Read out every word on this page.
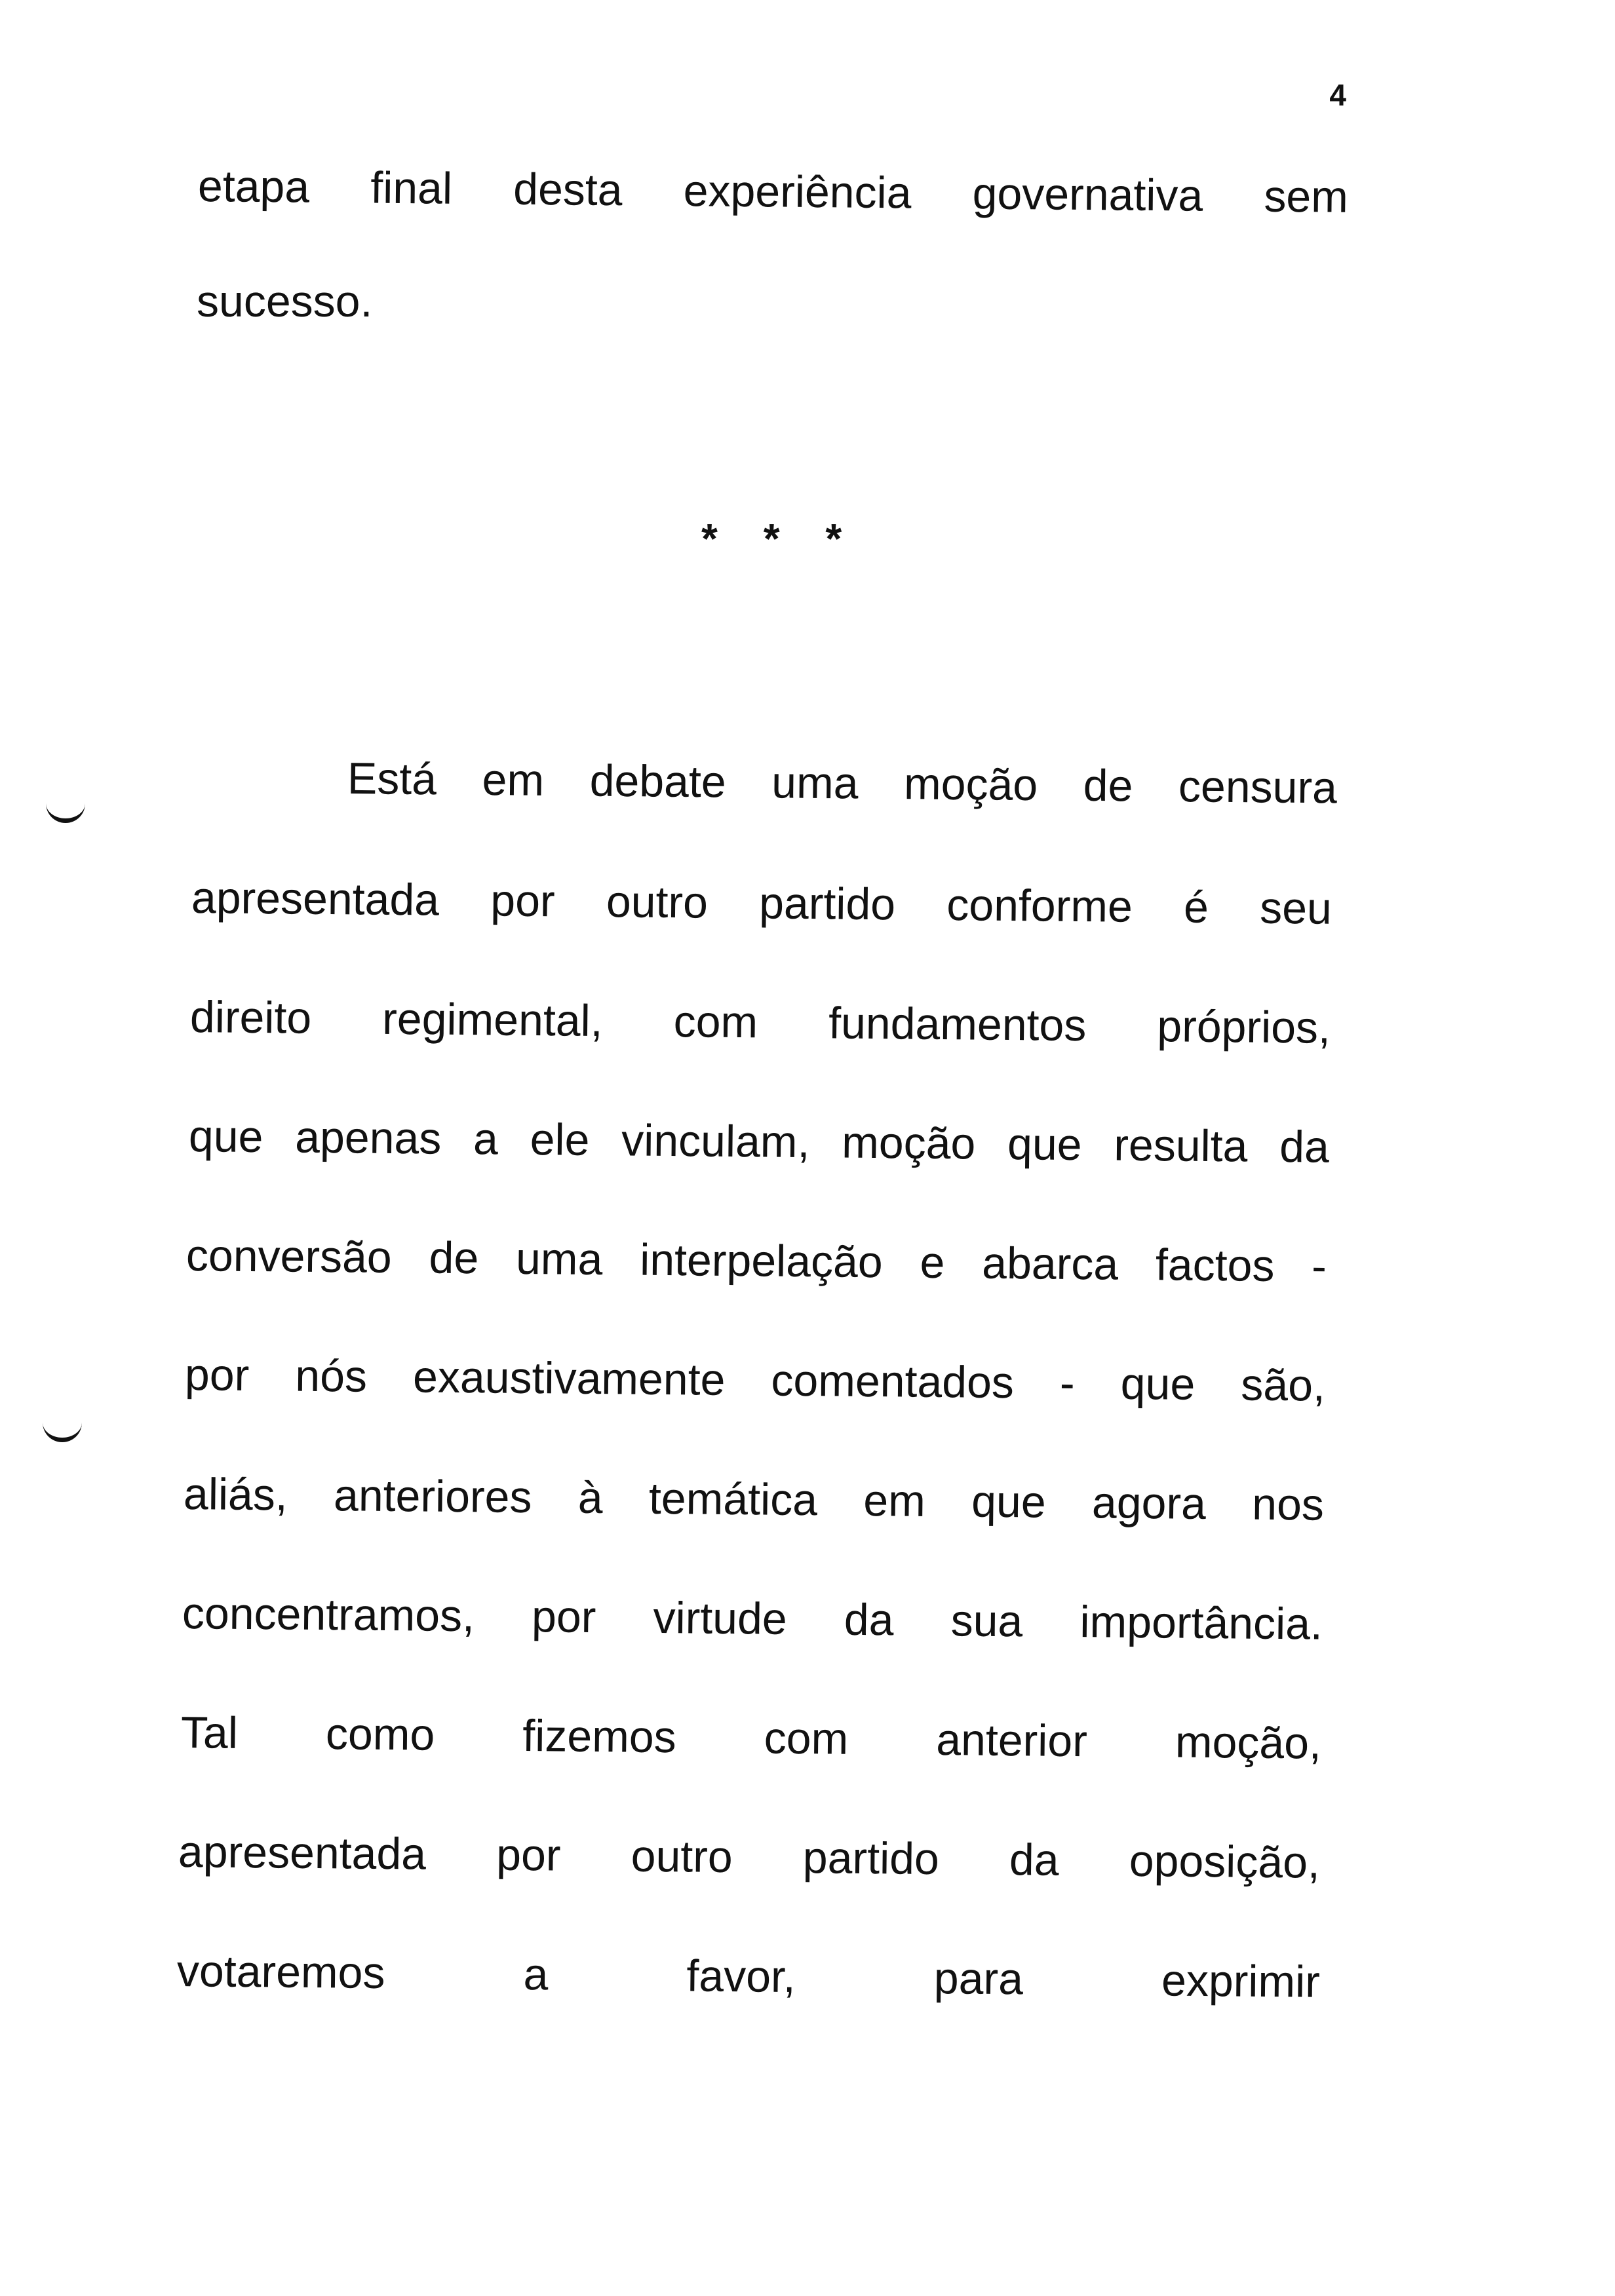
4
etapa final desta experiência governativa sem
sucesso.
* * *
Está em debate uma moção de censura
apresentada por outro partido conforme é seu
direito regimental, com fundamentos próprios,
que apenas a ele vinculam, moção que resulta da
conversão de uma interpelação e abarca factos -
por nós exaustivamente comentados - que são,
aliás, anteriores à temática em que agora nos
concentramos, por virtude da sua importância.
Tal como fizemos com anterior moção,
apresentada por outro partido da oposição,
votaremos	a	favor,	para	exprimir
